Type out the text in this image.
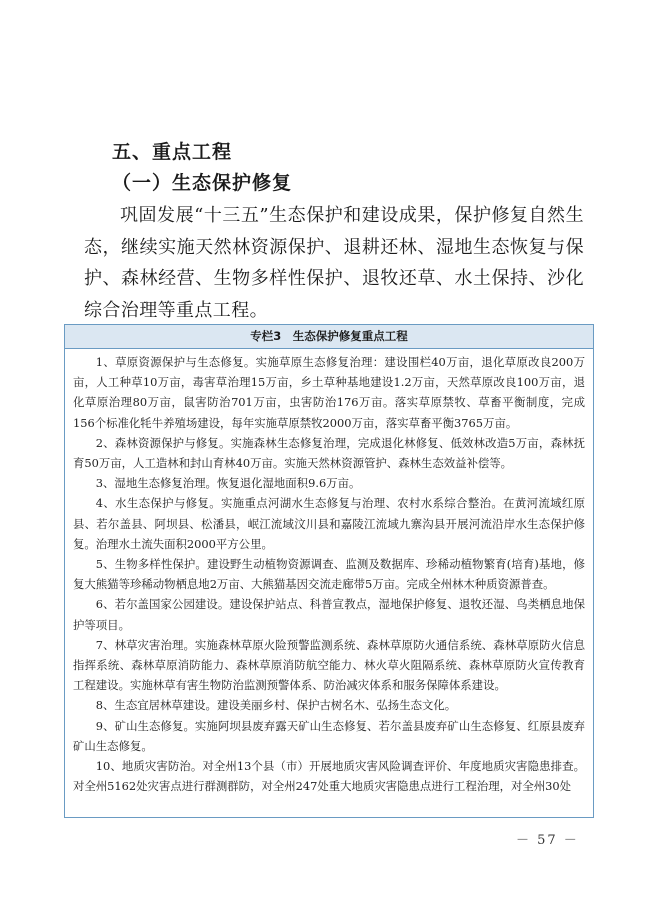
五、重点工程
（一）生态保护修复
巩固发展“十三五”生态保护和建设成果，保护修复自然生态，继续实施天然林资源保护、退耕还林、湿地生态恢复与保护、森林经营、生物多样性保护、退牧还草、水土保持、沙化综合治理等重点工程。
专栏3　生态保护修复重点工程

1、草原资源保护与生态修复。实施草原生态修复治理：建设围栏40万亩，退化草原改良200万亩，人工种草10万亩，毒害草治理15万亩，乡土草种基地建设1.2万亩，天然草原改良100万亩，退化草原治理80万亩，鼠害防治701万亩，虫害防治176万亩。落实草原禁牧、草畜平衡制度，完成156个标准化牦牛养殖场建设，每年实施草原禁牧2000万亩，落实草畜平衡3765万亩。

2、森林资源保护与修复。实施森林生态修复治理，完成退化林修复、低效林改造5万亩，森林抚育50万亩，人工造林和封山育林40万亩。实施天然林资源管护、森林生态效益补偿等。

3、湿地生态修复治理。恢复退化湿地面积9.6万亩。

4、水生态保护与修复。实施重点河湖水生态修复与治理、农村水系综合整治。在黄河流域红原县、若尔盖县、阿坝县、松潘县，岷江流域汶川县和嘉陵江流域九寨沟县开展河流沿岸水生态保护修复。治理水土流失面积2000平方公里。

5、生物多样性保护。建设野生动植物资源调查、监测及数据库、珍稀动植物繁育(培育)基地，修复大熊猫等珍稀动物栖息地2万亩、大熊猫基因交流走廊带5万亩。完成全州林木种质资源普查。

6、若尔盖国家公园建设。建设保护站点、科普宣教点，湿地保护修复、退牧还湿、鸟类栖息地保护等项目。

7、林草灾害治理。实施森林草原火险预警监测系统、森林草原防火通信系统、森林草原防火信息指挥系统、森林草原消防能力、森林草原消防航空能力、林火草火阻隔系统、森林草原防火宣传教育工程建设。实施林草有害生物防治监测预警体系、防治减灾体系和服务保障体系建设。

8、生态宜居林草建设。建设美丽乡村、保护古树名木、弘扬生态文化。

9、矿山生态修复。实施阿坝县废弃露天矿山生态修复、若尔盖县废弃矿山生态修复、红原县废弃矿山生态修复。

10、地质灾害防治。对全州13个县（市）开展地质灾害风险调查评价、年度地质灾害隐患排查。对全州5162处灾害点进行群测群防，对全州247处重大地质灾害隐患点进行工程治理，对全州30处

－ 57 －
